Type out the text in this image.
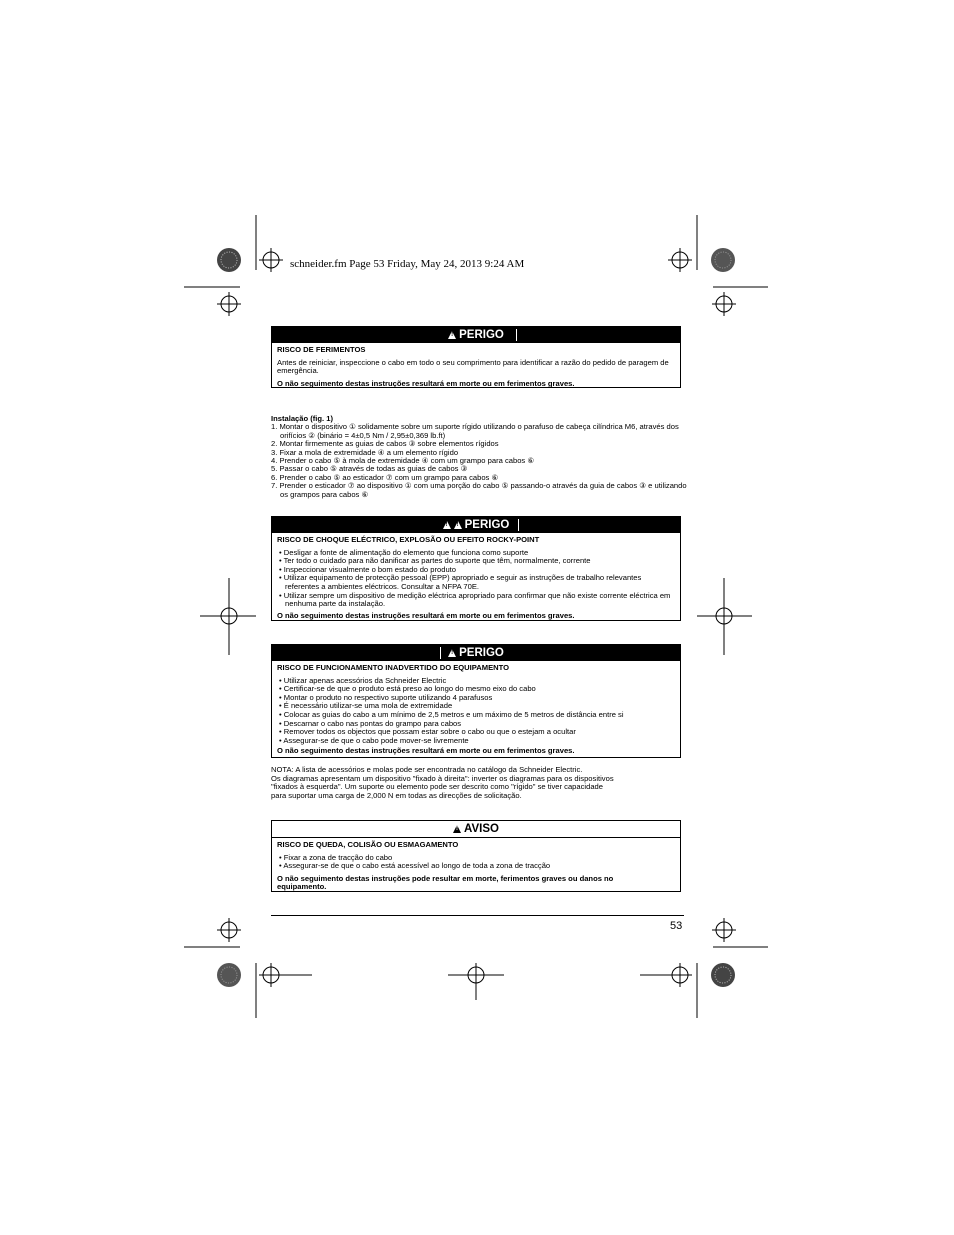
schneider.fm Page 53 Friday, May 24, 2013 9:24 AM
!PERIGO
RISCO DE FERIMENTOS
Antes de reiniciar, inspeccione o cabo em todo o seu comprimento para identificar a razão do pedido de paragem de emergência.
O não seguimento destas instruções resultará em morte ou em ferimentos graves.
Instalação (fig. 1)
1. Montar o dispositivo ① solidamente sobre um suporte rígido utilizando o parafuso de cabeça cilíndrica M6, através dos orifícios ② (binário = 4±0,5 Nm / 2,95±0,369 lb.ft)
2. Montar firmemente as guias de cabos ③ sobre elementos rígidos
3. Fixar a mola de extremidade ④ a um elemento rígido
4. Prender o cabo ⑤ à mola de extremidade ④ com um grampo para cabos ⑥
5. Passar o cabo ⑤ através de todas as guias de cabos ③
6. Prender o cabo ⑤ ao esticador ⑦ com um grampo para cabos ⑥
7. Prender o esticador ⑦ ao dispositivo ① com uma porção do cabo ⑤ passando-o através da guia de cabos ③ e utilizando os grampos para cabos ⑥
!!PERIGO
RISCO DE CHOQUE ELÉCTRICO, EXPLOSÃO OU EFEITO ROCKY-POINT
• Desligar a fonte de alimentação do elemento que funciona como suporte
• Ter todo o cuidado para não danificar as partes do suporte que têm, normalmente, corrente
• Inspeccionar visualmente o bom estado do produto
• Utilizar equipamento de protecção pessoal (EPP) apropriado e seguir as instruções de trabalho relevantes referentes a ambientes eléctricos. Consultar a NFPA 70E.
• Utilizar sempre um dispositivo de medição eléctrica apropriado para confirmar que não existe corrente eléctrica em nenhuma parte da instalação.
O não seguimento destas instruções resultará em morte ou em ferimentos graves.
!PERIGO
RISCO DE FUNCIONAMENTO INADVERTIDO DO EQUIPAMENTO
• Utilizar apenas acessórios da Schneider Electric
• Certificar-se de que o produto está preso ao longo do mesmo eixo do cabo
• Montar o produto no respectivo suporte utilizando 4 parafusos
• É necessário utilizar-se uma mola de extremidade
• Colocar as guias do cabo a um mínimo de 2,5 metros e um máximo de 5 metros de distância entre si
• Descarnar o cabo nas pontas do grampo para cabos
• Remover todos os objectos que possam estar sobre o cabo ou que o estejam a ocultar
• Assegurar-se de que o cabo pode mover-se livremente
O não seguimento destas instruções resultará em morte ou em ferimentos graves.
NOTA: A lista de acessórios e molas pode ser encontrada no catálogo da Schneider Electric.
Os diagramas apresentam um dispositivo "fixado à direita": inverter os diagramas para os dispositivos
"fixados à esquerda". Um suporte ou elemento pode ser descrito como "rígido" se tiver capacidade
para suportar uma carga de 2,000 N em todas as direcções de solicitação.
!AVISO
RISCO DE QUEDA, COLISÃO OU ESMAGAMENTO
• Fixar a zona de tracção do cabo
• Assegurar-se de que o cabo está acessível ao longo de toda a zona de tracção
O não seguimento destas instruções pode resultar em morte, ferimentos graves ou danos no equipamento.
53
